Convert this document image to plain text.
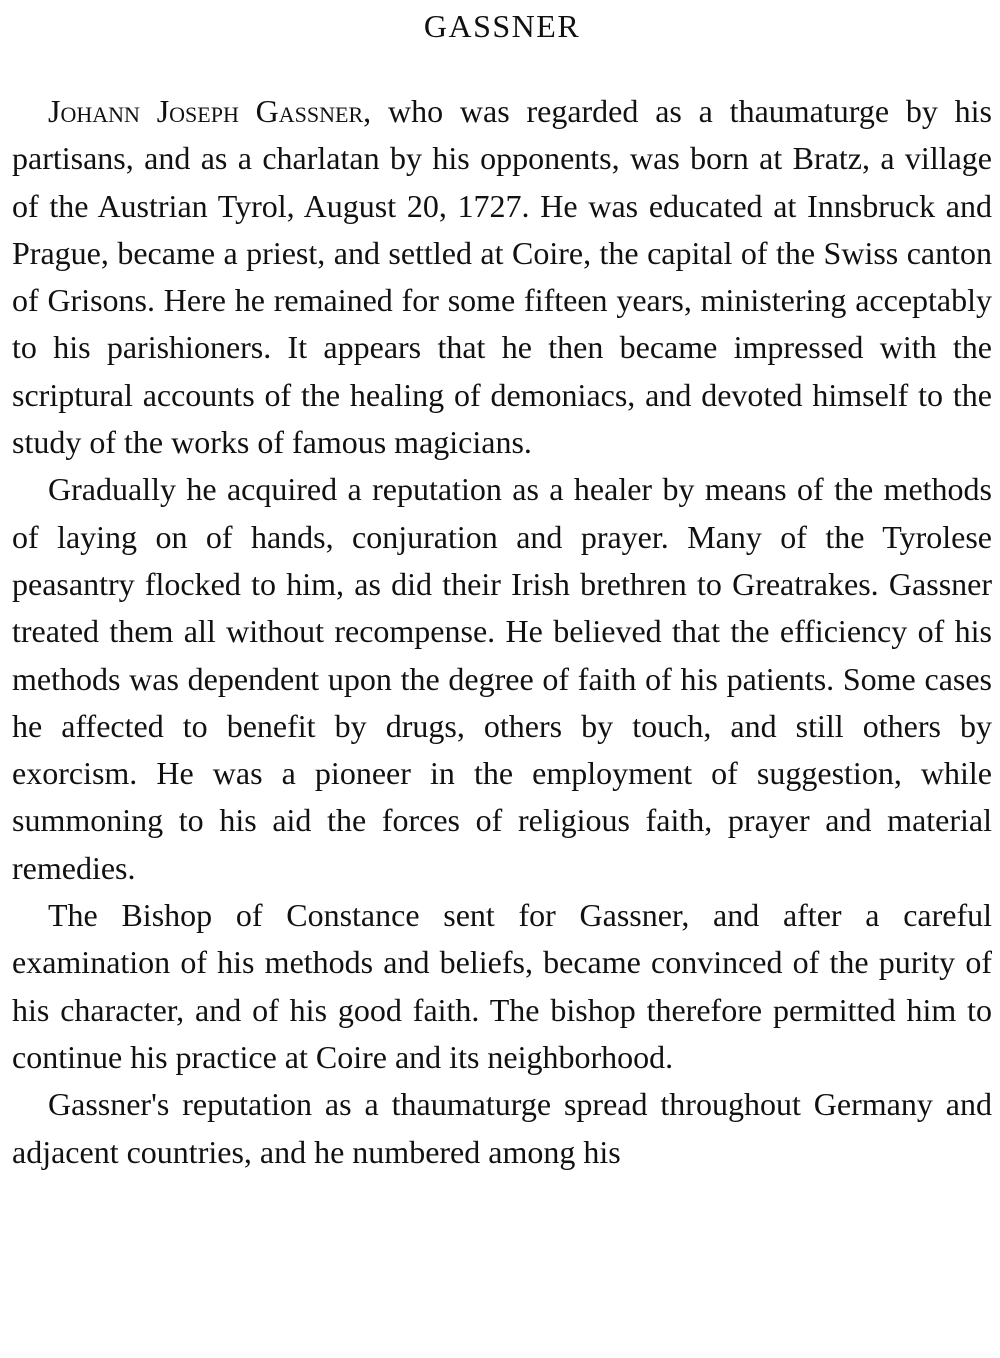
GASSNER

Johann Joseph Gassner, who was regarded as a thaumaturge by his partisans, and as a charlatan by his opponents, was born at Bratz, a village of the Austrian Tyrol, August 20, 1727. He was educated at Innsbruck and Prague, became a priest, and settled at Coire, the capital of the Swiss canton of Grisons. Here he remained for some fifteen years, ministering acceptably to his parishioners. It appears that he then became impressed with the scriptural accounts of the healing of demoniacs, and devoted himself to the study of the works of famous magicians.

Gradually he acquired a reputation as a healer by means of the methods of laying on of hands, conjuration and prayer. Many of the Tyrolese peasantry flocked to him, as did their Irish brethren to Greatrakes. Gassner treated them all without recompense. He believed that the efficiency of his methods was dependent upon the degree of faith of his patients. Some cases he affected to benefit by drugs, others by touch, and still others by exorcism. He was a pioneer in the employment of suggestion, while summoning to his aid the forces of religious faith, prayer and material remedies.

The Bishop of Constance sent for Gassner, and after a careful examination of his methods and beliefs, became convinced of the purity of his character, and of his good faith. The bishop therefore permitted him to continue his practice at Coire and its neighborhood.

Gassner's reputation as a thaumaturge spread throughout Germany and adjacent countries, and he numbered among his
